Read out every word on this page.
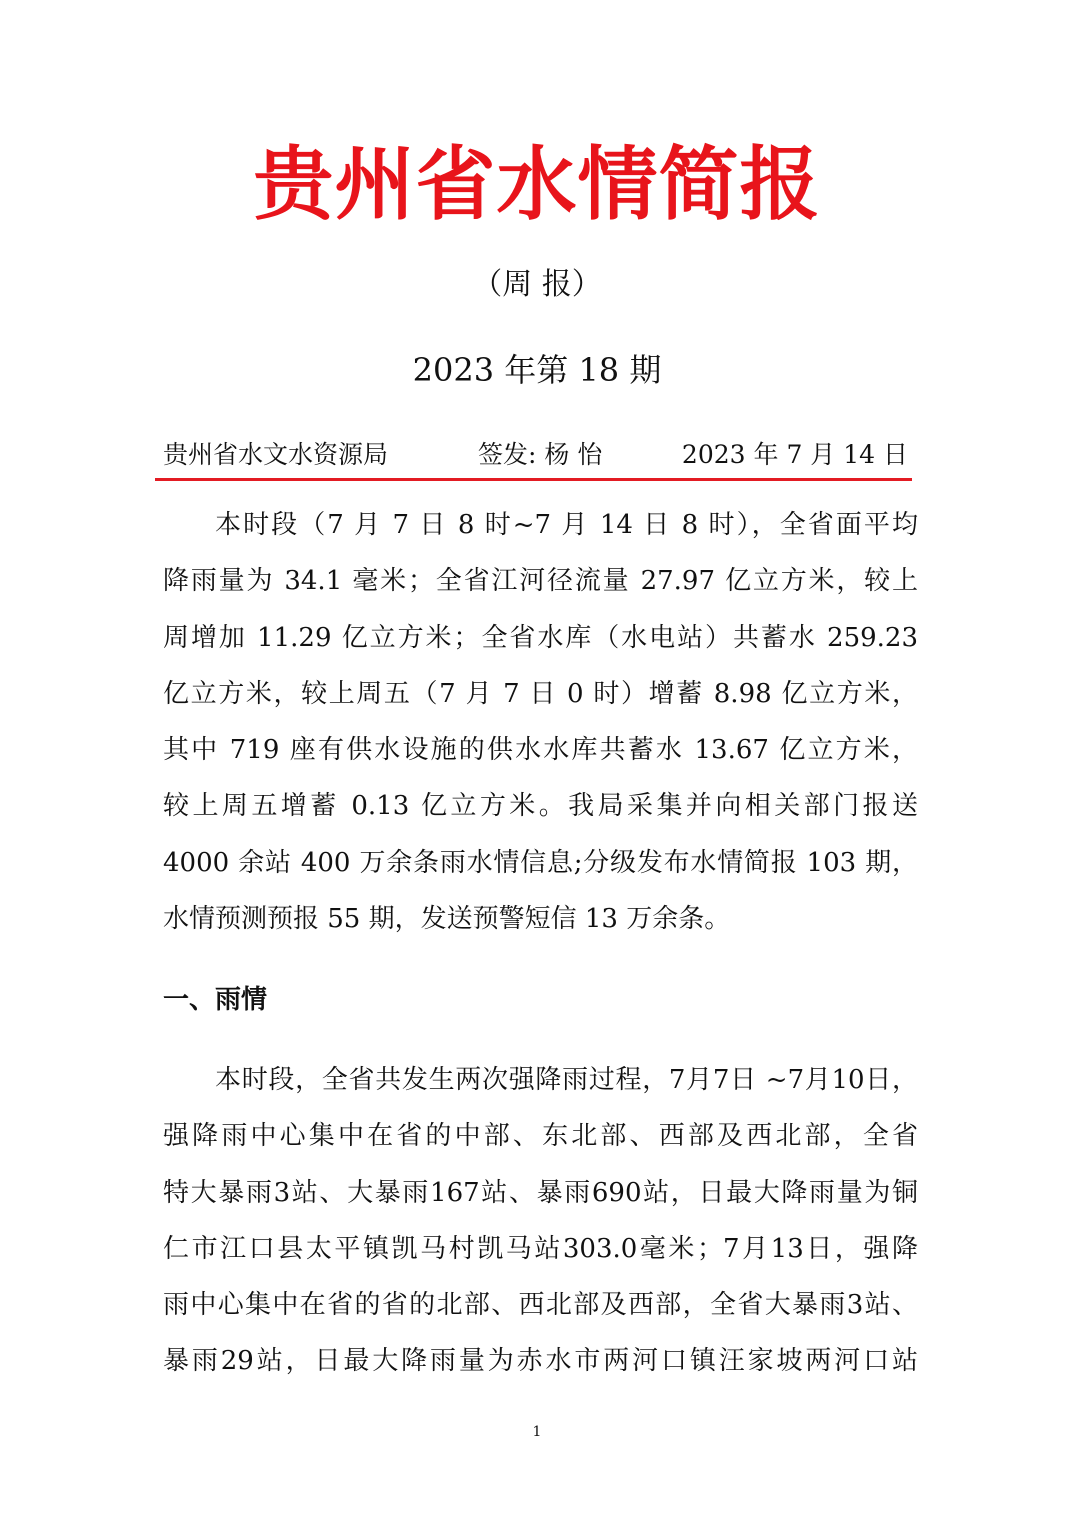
贵州省水情简报
（周 报）
2023 年第 18 期
贵州省水文水资源局	签发: 杨 怡	2023 年 7 月 14 日
本时段（7 月 7 日 8 时~7 月 14 日 8 时），全省面平均
降雨量为 34.1 毫米；全省江河径流量 27.97 亿立方米，较上
周增加 11.29 亿立方米；全省水库（水电站）共蓄水 259.23
亿立方米，较上周五（7 月 7 日 0 时）增蓄 8.98 亿立方米，
其中 719 座有供水设施的供水水库共蓄水 13.67 亿立方米，
较上周五增蓄 0.13 亿立方米。我局采集并向相关部门报送
4000 余站 400 万余条雨水情信息;分级发布水情简报 103 期，
水情预测预报 55 期，发送预警短信 13 万余条。
一、雨情
本时段，全省共发生两次强降雨过程，7月7日 ~7月10日，
强降雨中心集中在省的中部、东北部、西部及西北部，全省
特大暴雨3站、大暴雨167站、暴雨690站，日最大降雨量为铜
仁市江口县太平镇凯马村凯马站303.0毫米；7月13日，强降
雨中心集中在省的省的北部、西北部及西部，全省大暴雨3站、
暴雨29站，日最大降雨量为赤水市两河口镇汪家坡两河口站
1
